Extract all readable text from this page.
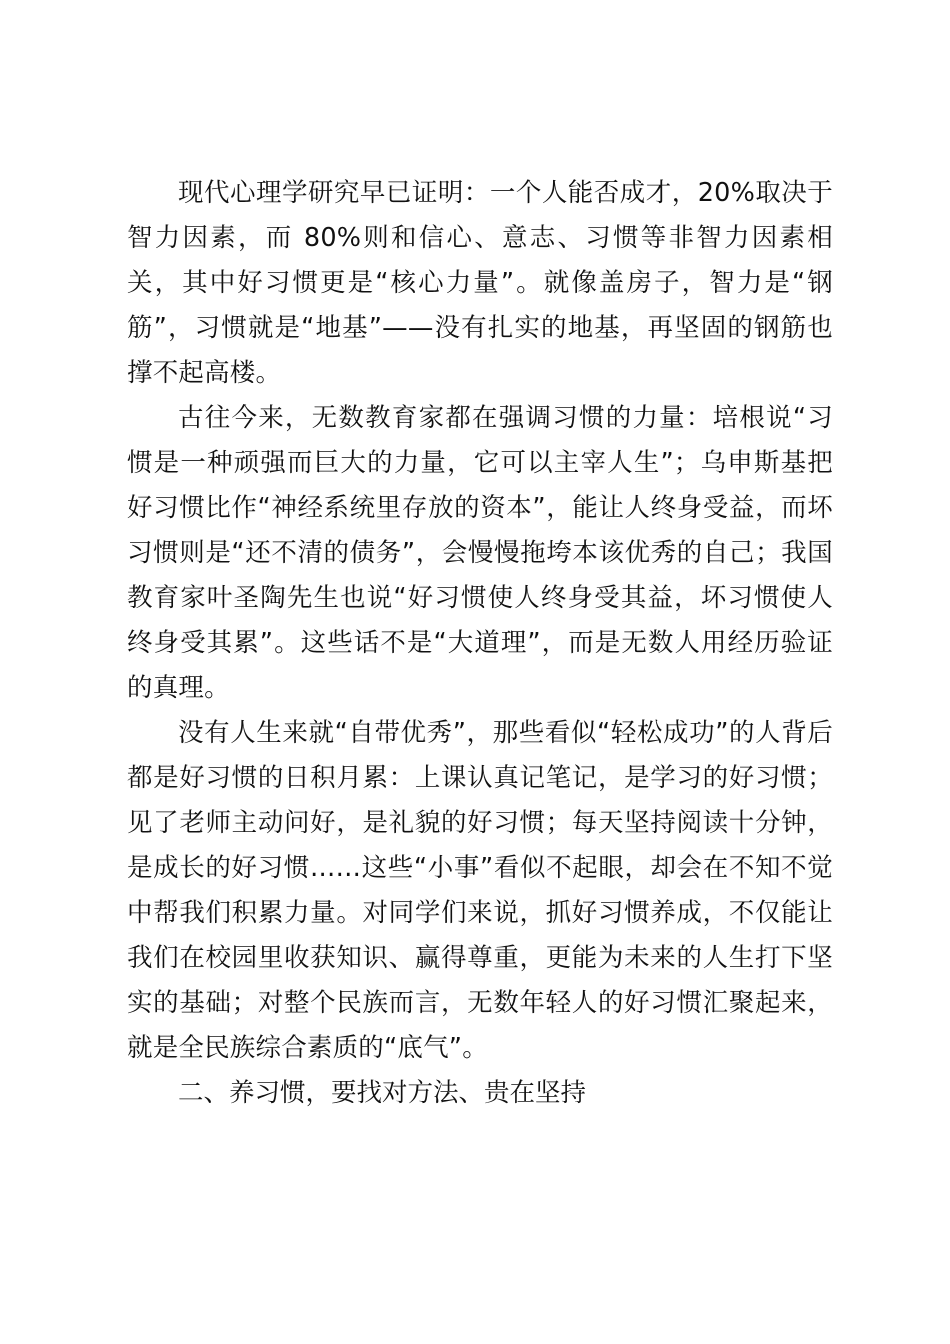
现代心理学研究早已证明：一个人能否成才，20%取决于智力因素，而 80%则和信心、意志、习惯等非智力因素相关，其中好习惯更是“核心力量”。就像盖房子，智力是“钢筋”，习惯就是“地基”——没有扎实的地基，再坚固的钢筋也撑不起高楼。

古往今来，无数教育家都在强调习惯的力量：培根说“习惯是一种顽强而巨大的力量，它可以主宰人生”；乌申斯基把好习惯比作“神经系统里存放的资本”，能让人终身受益，而坏习惯则是“还不清的债务”，会慢慢拖垮本该优秀的自己；我国教育家叶圣陶先生也说“好习惯使人终身受其益，坏习惯使人终身受其累”。这些话不是“大道理”，而是无数人用经历验证的真理。

没有人生来就“自带优秀”，那些看似“轻松成功”的人背后都是好习惯的日积月累：上课认真记笔记，是学习的好习惯；见了老师主动问好，是礼貌的好习惯；每天坚持阅读十分钟，是成长的好习惯……这些“小事”看似不起眼，却会在不知不觉中帮我们积累力量。对同学们来说，抓好习惯养成，不仅能让我们在校园里收获知识、赢得尊重，更能为未来的人生打下坚实的基础；对整个民族而言，无数年轻人的好习惯汇聚起来，就是全民族综合素质的“底气”。

二、养习惯，要找对方法、贵在坚持
